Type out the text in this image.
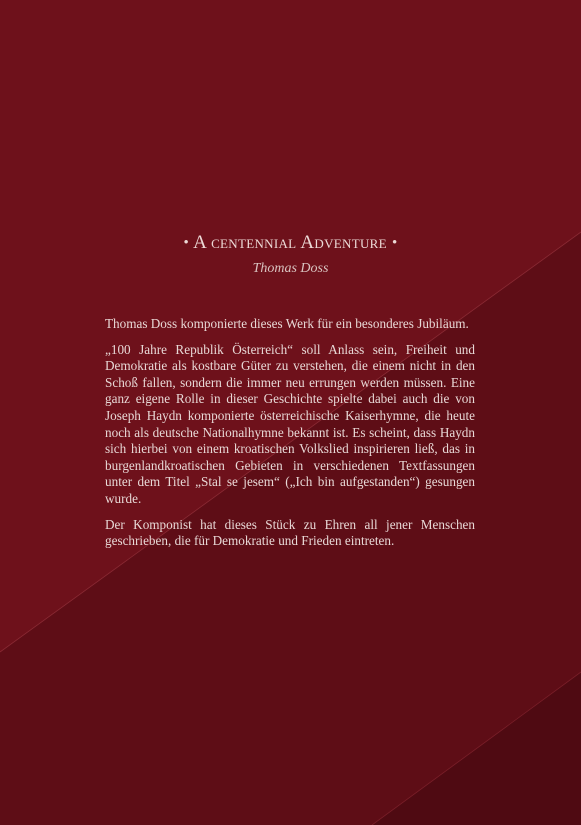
• A centennial Adventure •
Thomas Doss

Thomas Doss komponierte dieses Werk für ein besonderes Jubiläum.

„100 Jahre Republik Österreich“ soll Anlass sein, Freiheit und Demokratie als kostbare Güter zu verstehen, die einem nicht in den Schoß fallen, sondern die immer neu errungen werden müssen. Eine ganz eigene Rolle in dieser Geschichte spielte dabei auch die von Joseph Haydn komponierte österreichische Kaiserhymne, die heute noch als deutsche Nationalhymne bekannt ist. Es scheint, dass Haydn sich hierbei von einem kroatischen Volkslied inspirieren ließ, das in burgenlandkroatischen Gebieten in verschiedenen Textfassungen unter dem Titel „Stal se jesem“ („Ich bin aufgestanden“) gesungen wurde.

Der Komponist hat dieses Stück zu Ehren all jener Menschen geschrieben, die für Demokratie und Frieden eintreten.
